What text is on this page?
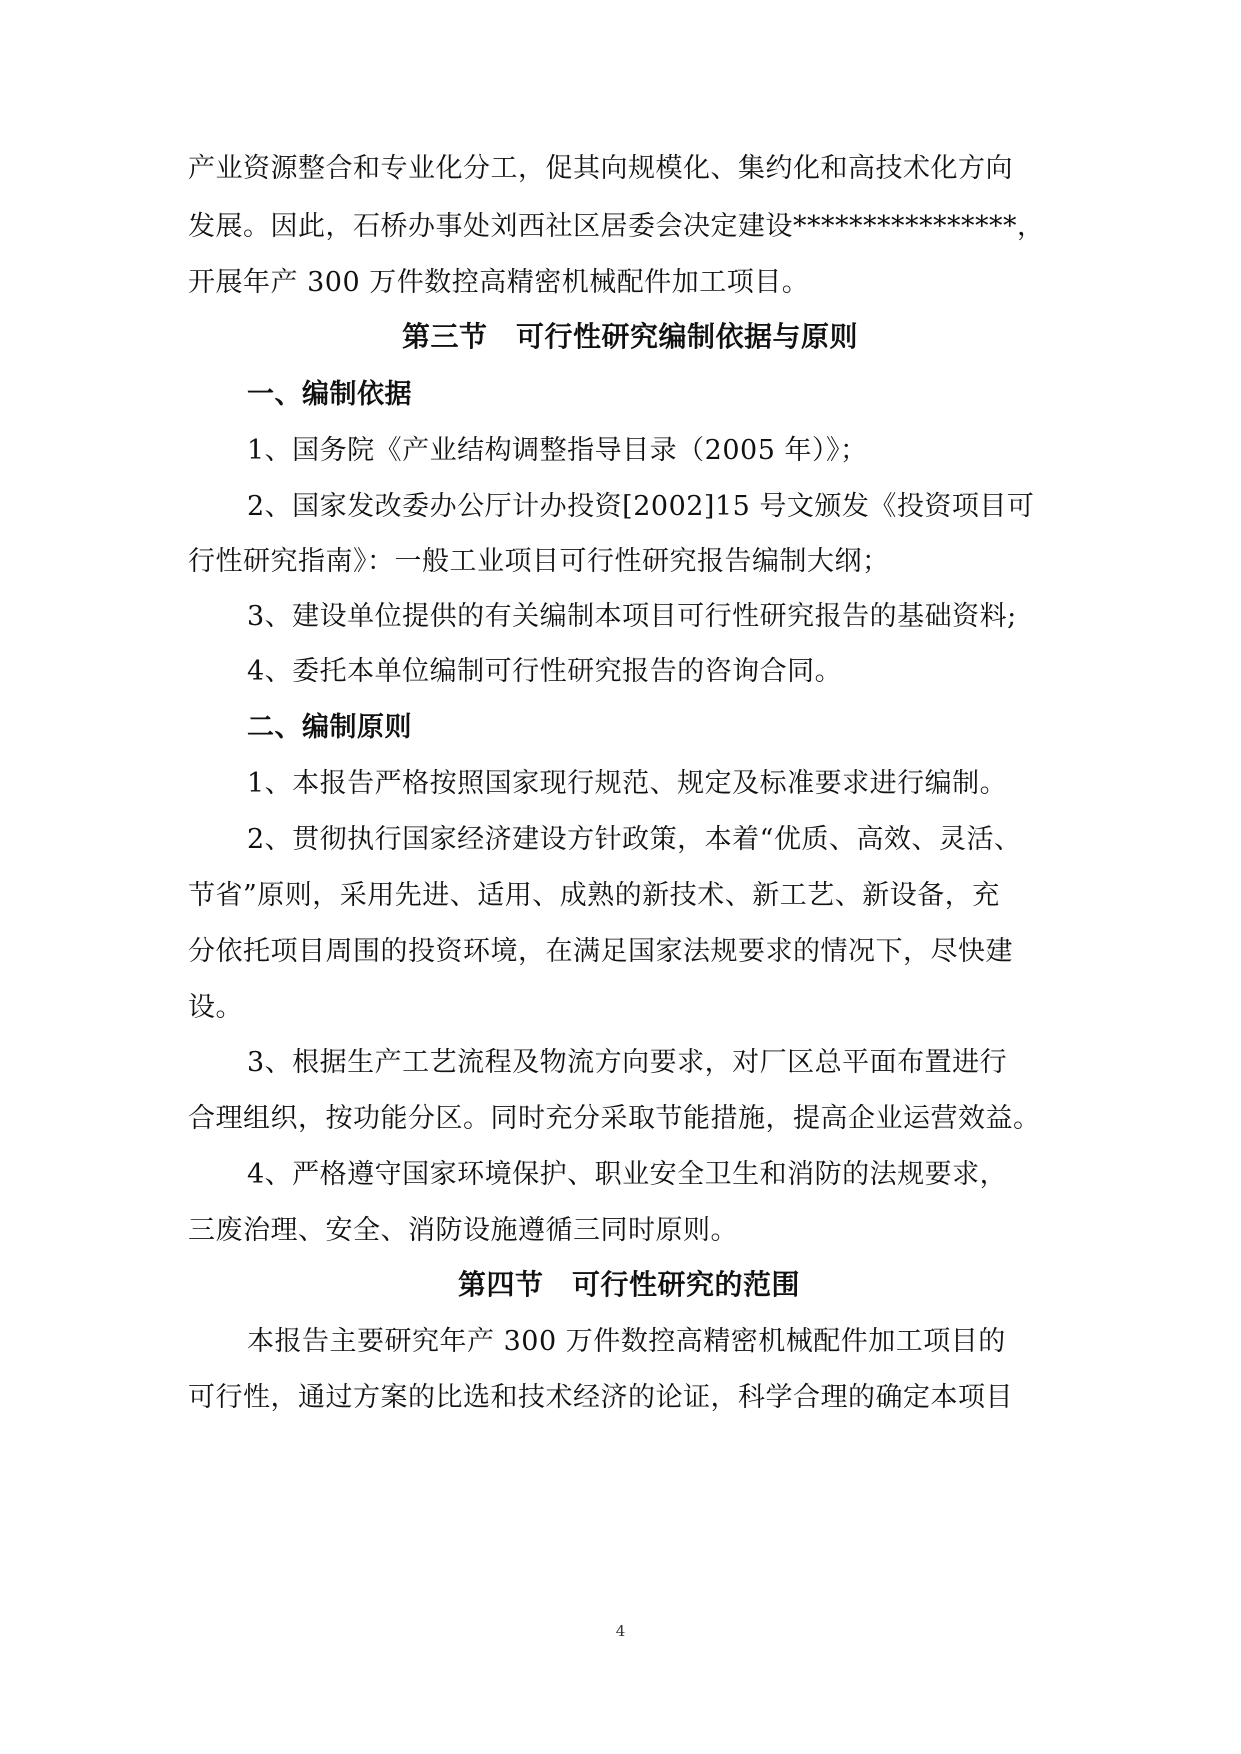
产业资源整合和专业化分工，促其向规模化、集约化和高技术化方向
发展。因此，石桥办事处刘西社区居委会决定建设****************，
开展年产 300 万件数控高精密机械配件加工项目。
第三节　可行性研究编制依据与原则
一、编制依据
1、国务院《产业结构调整指导目录（2005 年）》；
2、国家发改委办公厅计办投资[2002]15 号文颁发《投资项目可
行性研究指南》：一般工业项目可行性研究报告编制大纲；
3、建设单位提供的有关编制本项目可行性研究报告的基础资料;
4、委托本单位编制可行性研究报告的咨询合同。
二、编制原则
1、本报告严格按照国家现行规范、规定及标准要求进行编制。
2、贯彻执行国家经济建设方针政策，本着“优质、高效、灵活、
节省”原则，采用先进、适用、成熟的新技术、新工艺、新设备，充
分依托项目周围的投资环境，在满足国家法规要求的情况下，尽快建
设。
3、根据生产工艺流程及物流方向要求，对厂区总平面布置进行
合理组织，按功能分区。同时充分采取节能措施，提高企业运营效益。
4、严格遵守国家环境保护、职业安全卫生和消防的法规要求，
三废治理、安全、消防设施遵循三同时原则。
第四节　可行性研究的范围
本报告主要研究年产 300 万件数控高精密机械配件加工项目的
可行性，通过方案的比选和技术经济的论证，科学合理的确定本项目
4
